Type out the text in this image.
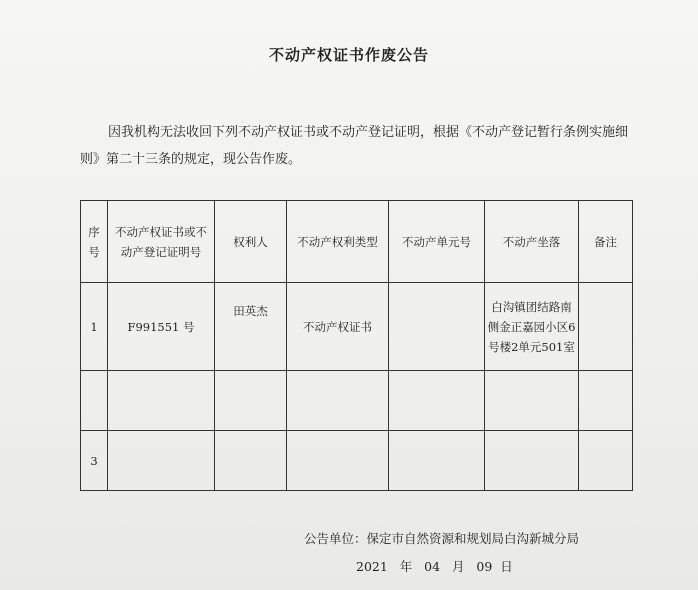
不动产权证书作废公告
因我机构无法收回下列不动产权证书或不动产登记证明，根据《不动产登记暂行条例实施细则》第二十三条的规定，现公告作废。
序号	不动产权证书或不动产登记证明号	权利人	不动产权利类型	不动产单元号	不动产坐落	备注
1	F991551 号	田英杰	不动产权证书		白沟镇团结路南侧金正嘉园小区6号楼2单元501室	

3						
公告单位：保定市自然资源和规划局白沟新城分局
2021   年   04   月   09  日
